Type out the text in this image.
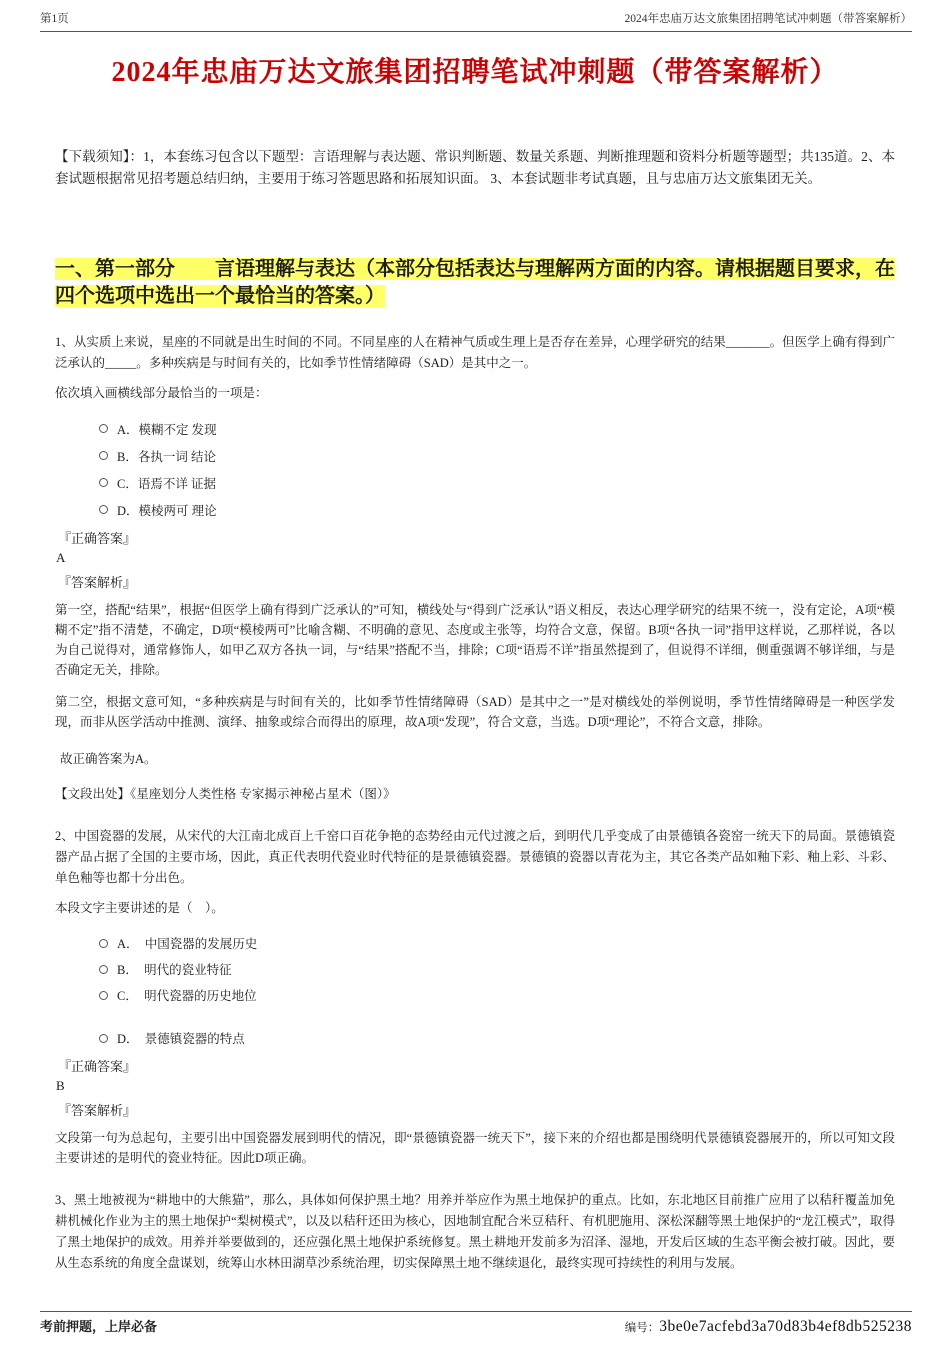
第1页	2024年忠庙万达文旅集团招聘笔试冲刺题（带答案解析）
2024年忠庙万达文旅集团招聘笔试冲刺题（带答案解析）

【下载须知】：1，本套练习包含以下题型：言语理解与表达题、常识判断题、数量关系题、判断推理题和资料分析题等题型；共135道。2、本套试题根据常见招考题总结归纳，主要用于练习答题思路和拓展知识面。 3、本套试题非考试真题，且与忠庙万达文旅集团无关。

一、第一部分　　言语理解与表达（本部分包括表达与理解两方面的内容。请根据题目要求，在四个选项中选出一个最恰当的答案。）

1、从实质上来说，星座的不同就是出生时间的不同。不同星座的人在精神气质或生理上是否存在差异，心理学研究的结果_______。但医学上确有得到广泛承认的_____。多种疾病是与时间有关的，比如季节性情绪障碍（SAD）是其中之一。

依次填入画横线部分最恰当的一项是：

A．模糊不定 发现
B．各执一词 结论
C．语焉不详 证据
D．模棱两可 理论

『正确答案』

A

『答案解析』

第一空，搭配“结果”，根据“但医学上确有得到广泛承认的”可知，横线处与“得到广泛承认”语义相反，表达心理学研究的结果不统一，没有定论，A项“模糊不定”指不清楚，不确定，D项“模棱两可”比喻含糊、不明确的意见、态度或主张等，均符合文意，保留。B项“各执一词”指甲这样说，乙那样说，各以为自己说得对，通常修饰人，如甲乙双方各执一词，与“结果”搭配不当，排除；C项“语焉不详”指虽然提到了，但说得不详细，侧重强调不够详细，与是否确定无关，排除。

第二空，根据文意可知，“多种疾病是与时间有关的，比如季节性情绪障碍（SAD）是其中之一”是对横线处的举例说明，季节性情绪障碍是一种医学发现，而非从医学活动中推测、演绎、抽象或综合而得出的原理，故A项“发现”，符合文意，当选。D项“理论”，不符合文意，排除。

故正确答案为A。

【文段出处】《星座划分人类性格 专家揭示神秘占星术（图）》

2、中国瓷器的发展，从宋代的大江南北成百上千窑口百花争艳的态势经由元代过渡之后，到明代几乎变成了由景德镇各瓷窑一统天下的局面。景德镇瓷器产品占据了全国的主要市场，因此，真正代表明代瓷业时代特征的是景德镇瓷器。景德镇的瓷器以青花为主，其它各类产品如釉下彩、釉上彩、斗彩、单色釉等也都十分出色。

本段文字主要讲述的是（　）。

A．　中国瓷器的发展历史
B．　明代的瓷业特征
C．　明代瓷器的历史地位
D．　景德镇瓷器的特点

『正确答案』

B

『答案解析』

文段第一句为总起句，主要引出中国瓷器发展到明代的情况，即“景德镇瓷器一统天下”，接下来的介绍也都是围绕明代景德镇瓷器展开的，所以可知文段主要讲述的是明代的瓷业特征。因此D项正确。

3、黑土地被视为“耕地中的大熊猫”，那么，具体如何保护黑土地？用养并举应作为黑土地保护的重点。比如，东北地区目前推广应用了以秸秆覆盖加免耕机械化作业为主的黑土地保护“梨树模式”，以及以秸秆还田为核心，因地制宜配合米豆秸秆、有机肥施用、深松深翻等黑土地保护的“龙江模式”，取得了黑土地保护的成效。用养并举要做到的，还应强化黑土地保护系统修复。黑土耕地开发前多为沼泽、湿地，开发后区域的生态平衡会被打破。因此，要从生态系统的角度全盘谋划，统筹山水林田湖草沙系统治理，切实保障黑土地不继续退化，最终实现可持续性的利用与发展。

考前押题，上岸必备	编号： 3be0e7acfebd3a70d83b4ef8db525238
